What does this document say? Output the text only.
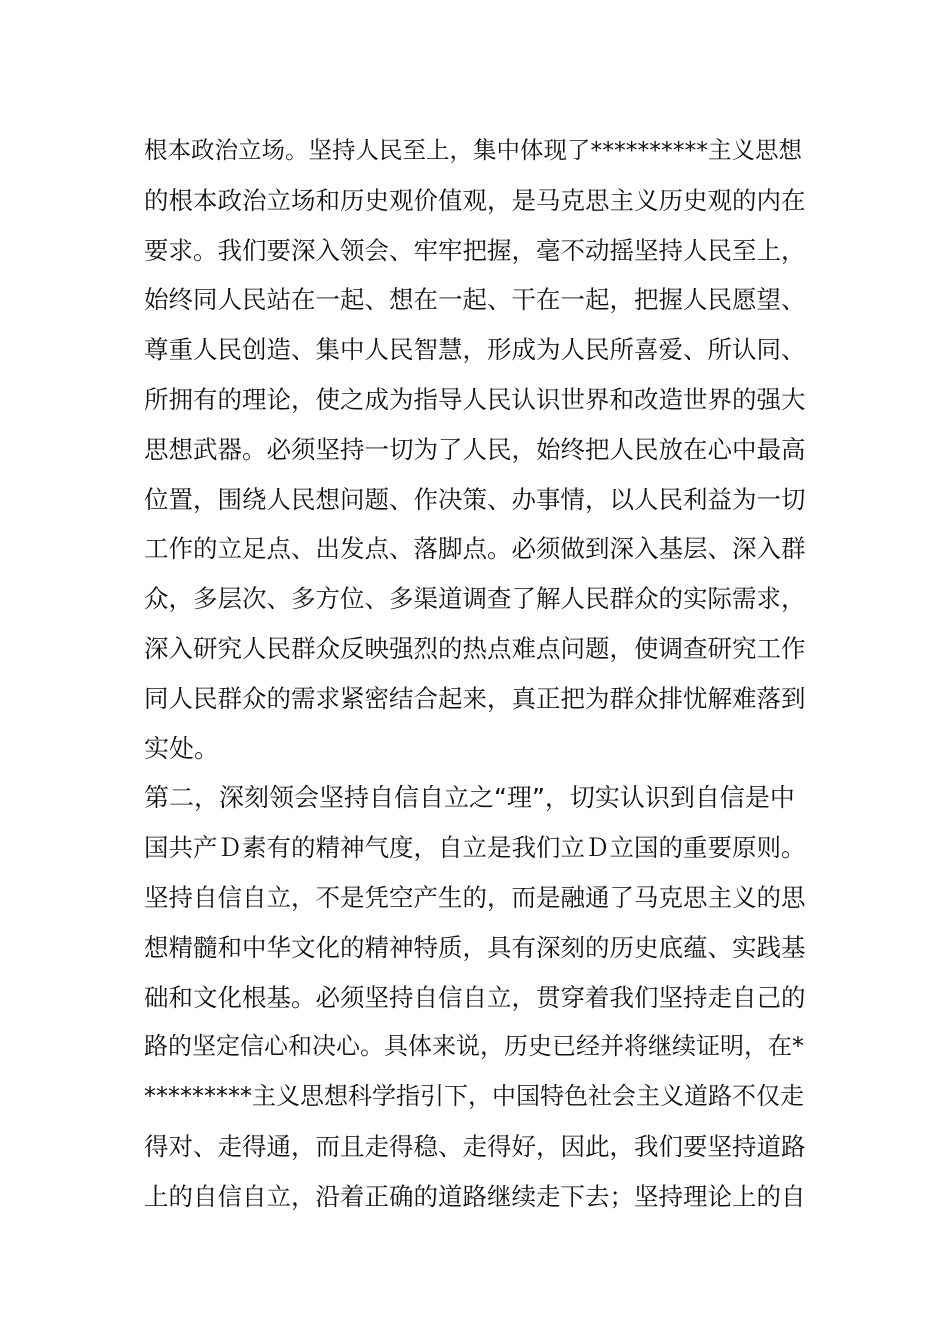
根本政治立场。坚持人民至上，集中体现了**********主义思想
的根本政治立场和历史观价值观，是马克思主义历史观的内在
要求。我们要深入领会、牢牢把握，毫不动摇坚持人民至上，
始终同人民站在一起、想在一起、干在一起，把握人民愿望、
尊重人民创造、集中人民智慧，形成为人民所喜爱、所认同、
所拥有的理论，使之成为指导人民认识世界和改造世界的强大
思想武器。必须坚持一切为了人民，始终把人民放在心中最高
位置，围绕人民想问题、作决策、办事情，以人民利益为一切
工作的立足点、出发点、落脚点。必须做到深入基层、深入群
众，多层次、多方位、多渠道调查了解人民群众的实际需求，
深入研究人民群众反映强烈的热点难点问题，使调查研究工作
同人民群众的需求紧密结合起来，真正把为群众排忧解难落到
实处。
第二，深刻领会坚持自信自立之“理”，切实认识到自信是中
国共产Ｄ素有的精神气度，自立是我们立Ｄ立国的重要原则。
坚持自信自立，不是凭空产生的，而是融通了马克思主义的思
想精髓和中华文化的精神特质，具有深刻的历史底蕴、实践基
础和文化根基。必须坚持自信自立，贯穿着我们坚持走自己的
路的坚定信心和决心。具体来说，历史已经并将继续证明，在*
*********主义思想科学指引下，中国特色社会主义道路不仅走
得对、走得通，而且走得稳、走得好，因此，我们要坚持道路
上的自信自立，沿着正确的道路继续走下去；坚持理论上的自
